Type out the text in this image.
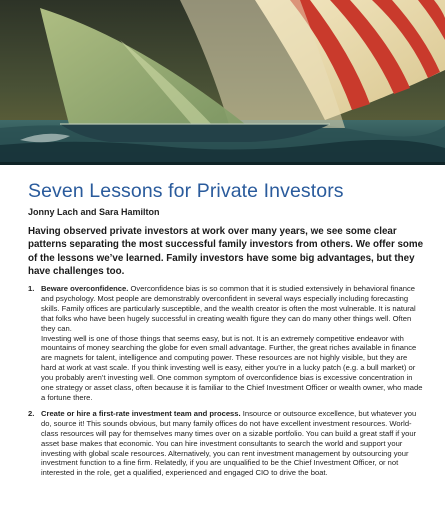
Seven Lessons for Private Investors
Jonny Lach and Sara Hamilton

Having observed private investors at work over many years, we see some clear patterns separating the most successful family investors from others. We offer some of the lessons we’ve learned. Family investors have some big advantages, but they have challenges too.

1. Beware overconfidence. Overconfidence bias is so common that it is studied extensively in behavioral finance and psychology. Most people are demonstrably overconfident in several ways especially including forecasting skills. Family offices are particularly susceptible, and the wealth creator is often the most vulnerable. It is natural that folks who have been hugely successful in creating wealth figure they can do many other things well. Often they can.
Investing well is one of those things that seems easy, but is not. It is an extremely competitive endeavor with mountains of money searching the globe for even small advantage. Further, the great riches available in finance are magnets for talent, intelligence and computing power. These resources are not highly visible, but they are hard at work at vast scale. If you think investing well is easy, either you’re in a lucky patch (e.g. a bull market) or you probably aren’t investing well. One common symptom of overconfidence bias is excessive concentration in one strategy or asset class, often because it is familiar to the Chief Investment Officer or wealth owner, who made a fortune there.
2. Create or hire a first-rate investment team and process. Insource or outsource excellence, but whatever you do, source it! This sounds obvious, but many family offices do not have excellent investment resources. World-class resources will pay for themselves many times over on a sizable portfolio. You can build a great staff if your asset base makes that economic. You can hire investment consultants to search the world and support your investing with global scale resources. Alternatively, you can rent investment management by outsourcing your investment function to a fine firm. Relatedly, if you are unqualified to be the Chief Investment Officer, or not interested in the role, get a qualified, experienced and engaged CIO to drive the boat.
